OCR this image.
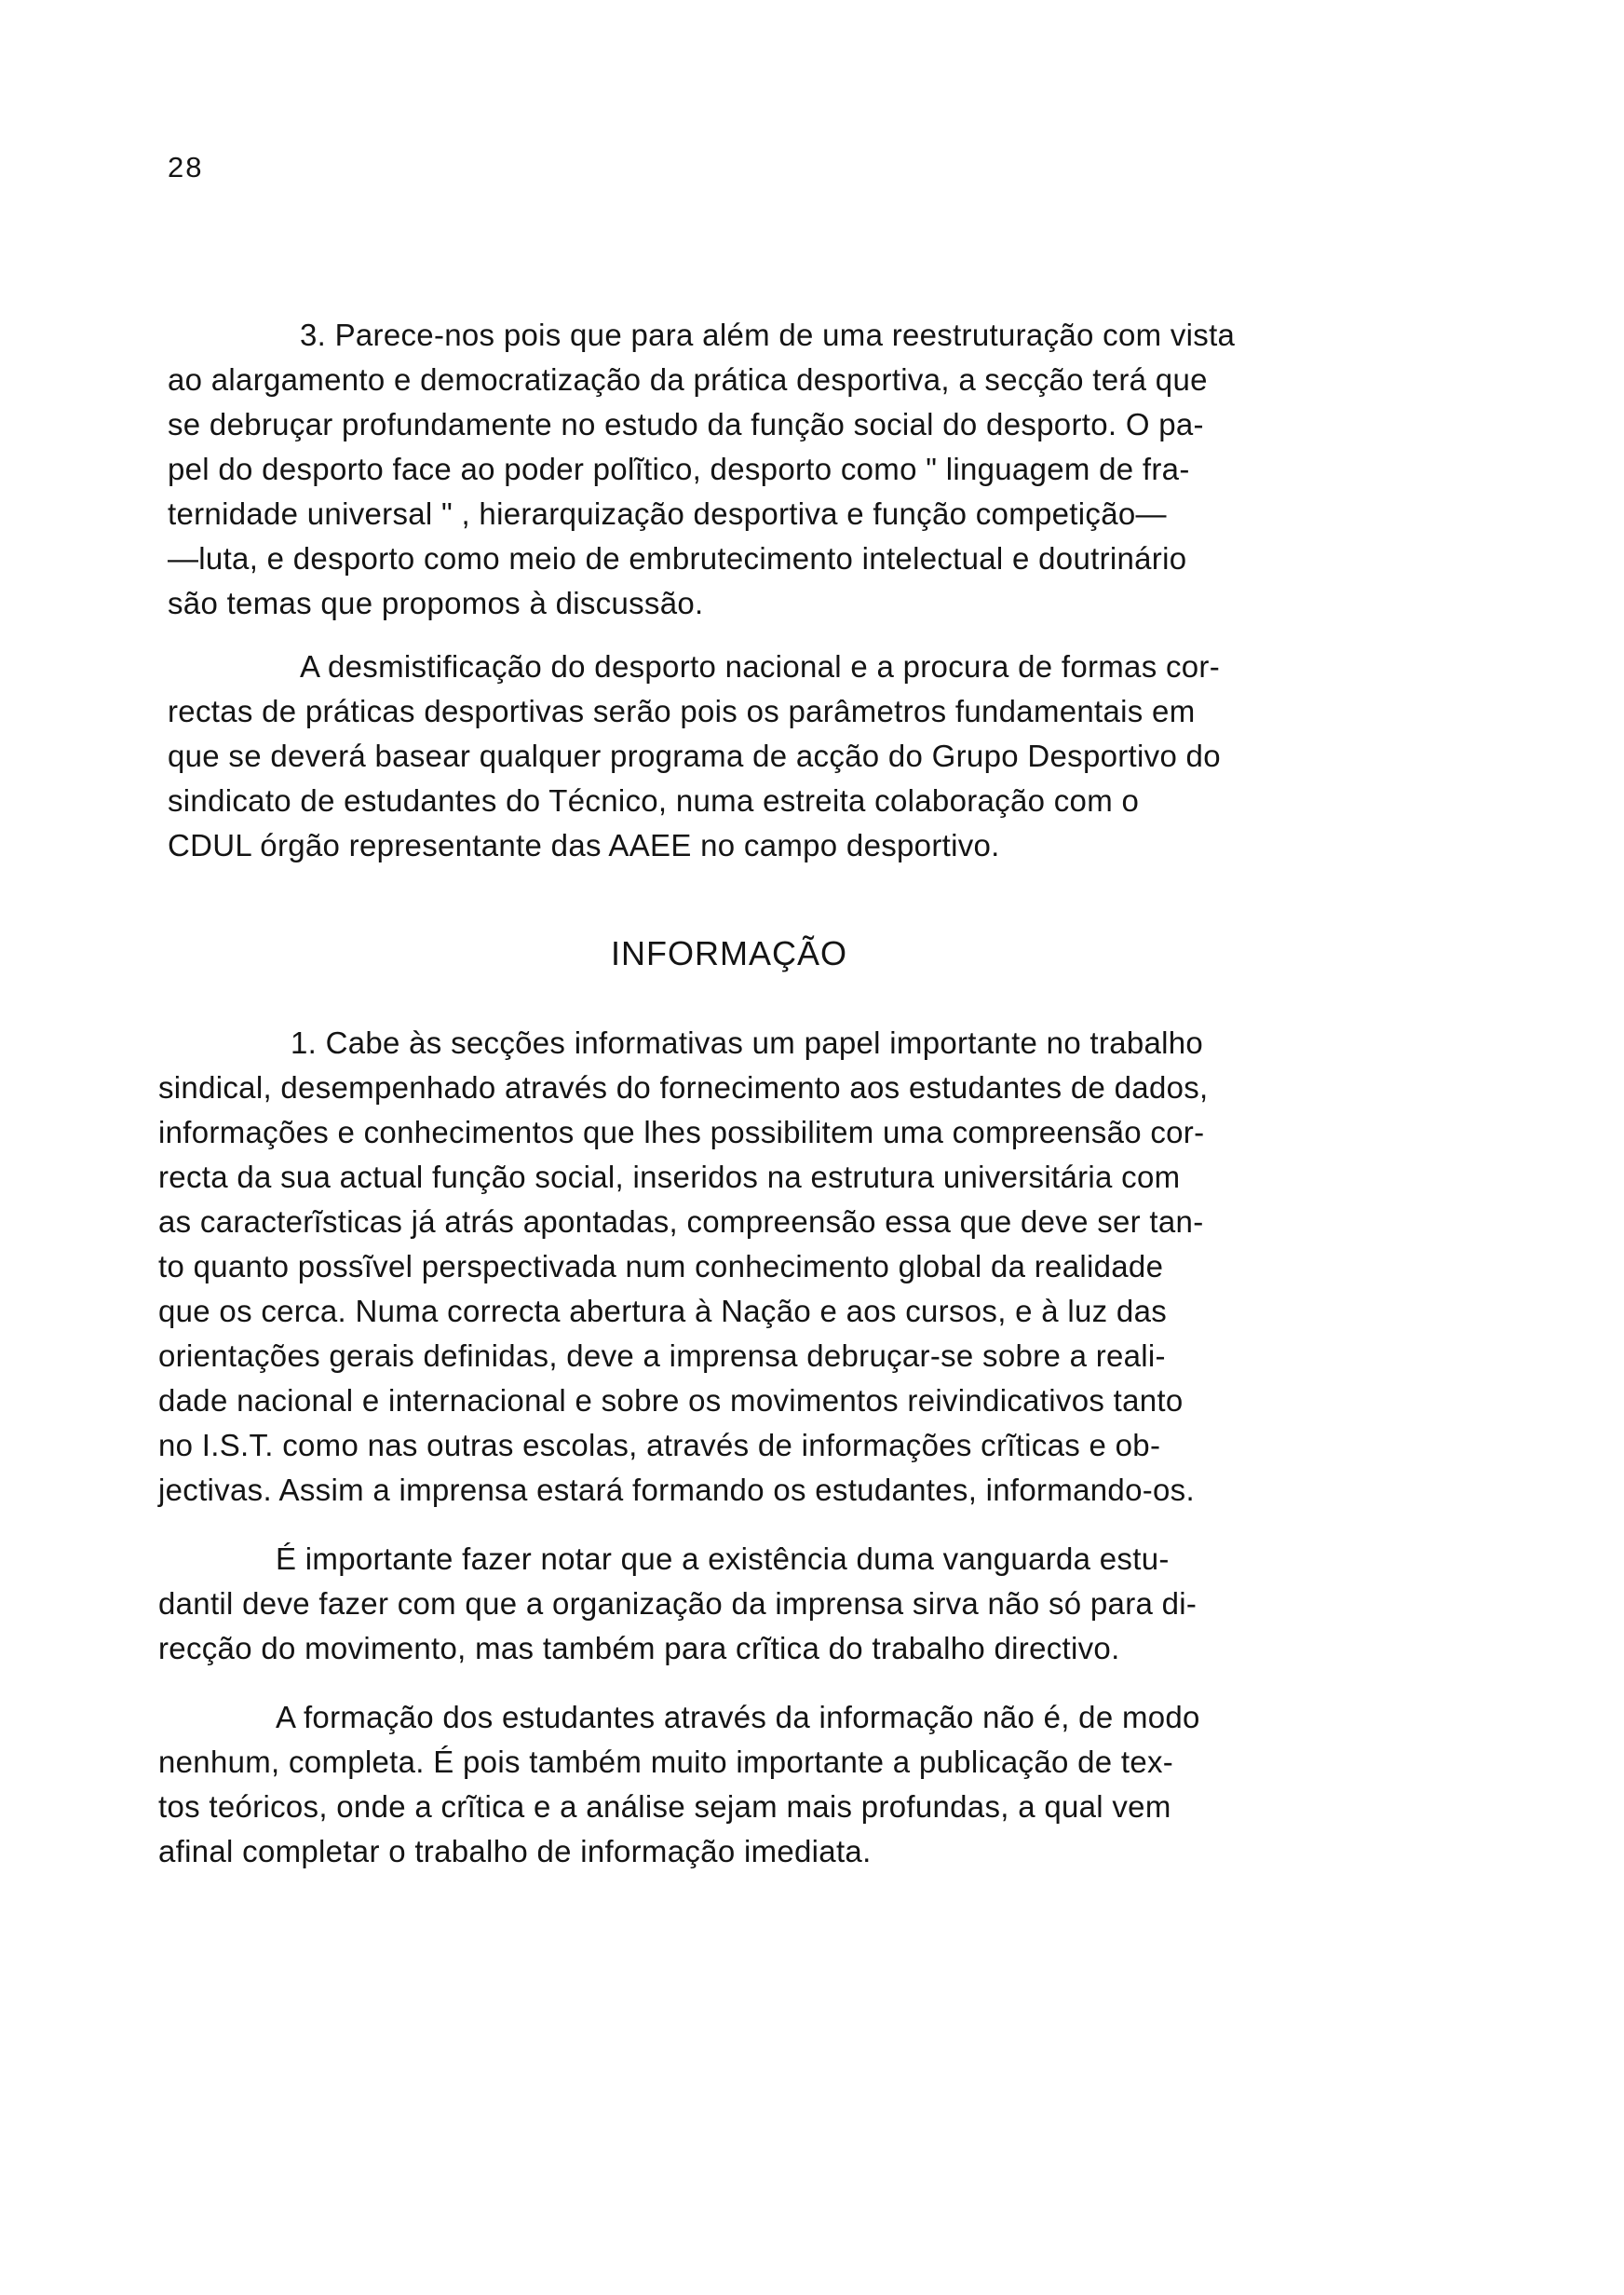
28
3. Parece-nos pois que para além de uma reestruturação com vista
ao alargamento e democratização da prática desportiva, a secção terá que
se debruçar profundamente no estudo da função social do desporto. O pa-
pel do desporto face ao poder polĩtico, desporto como " linguagem de fra-
ternidade universal " , hierarquização desportiva e função competição—
—luta, e desporto como meio de embrutecimento intelectual e doutrinário
são temas que propomos à discussão.
A desmistificação do desporto nacional e a procura de formas cor-
rectas de práticas desportivas serão pois os parâmetros fundamentais em
que se deverá basear qualquer programa de acção do Grupo Desportivo do
sindicato de estudantes do Técnico, numa estreita colaboração com o
CDUL órgão representante das AAEE no campo desportivo.
INFORMAÇÃO
1. Cabe às secções informativas um papel importante no trabalho
sindical, desempenhado através do fornecimento aos estudantes de dados,
informações e conhecimentos que lhes possibilitem uma compreensão cor-
recta da sua actual função social, inseridos na estrutura universitária com
as caracterĩsticas já atrás apontadas, compreensão essa que deve ser tan-
to quanto possĩvel perspectivada num conhecimento global da realidade
que os cerca. Numa correcta abertura à Nação e aos cursos, e à luz das
orientações gerais definidas, deve a imprensa debruçar-se sobre a reali-
dade nacional e internacional e sobre os movimentos reivindicativos tanto
no I.S.T. como nas outras escolas, através de informações crĩticas e ob-
jectivas. Assim a imprensa estará formando os estudantes, informando-os.
É importante fazer notar que a existência duma vanguarda estu-
dantil deve fazer com que a organização da imprensa sirva não só para di-
recção do movimento, mas também para crĩtica do trabalho directivo.
A formação dos estudantes através da informação não é, de modo
nenhum, completa. É pois também muito importante a publicação de tex-
tos teóricos, onde a crĩtica e a análise sejam mais profundas, a qual vem
afinal completar o trabalho de informação imediata.
